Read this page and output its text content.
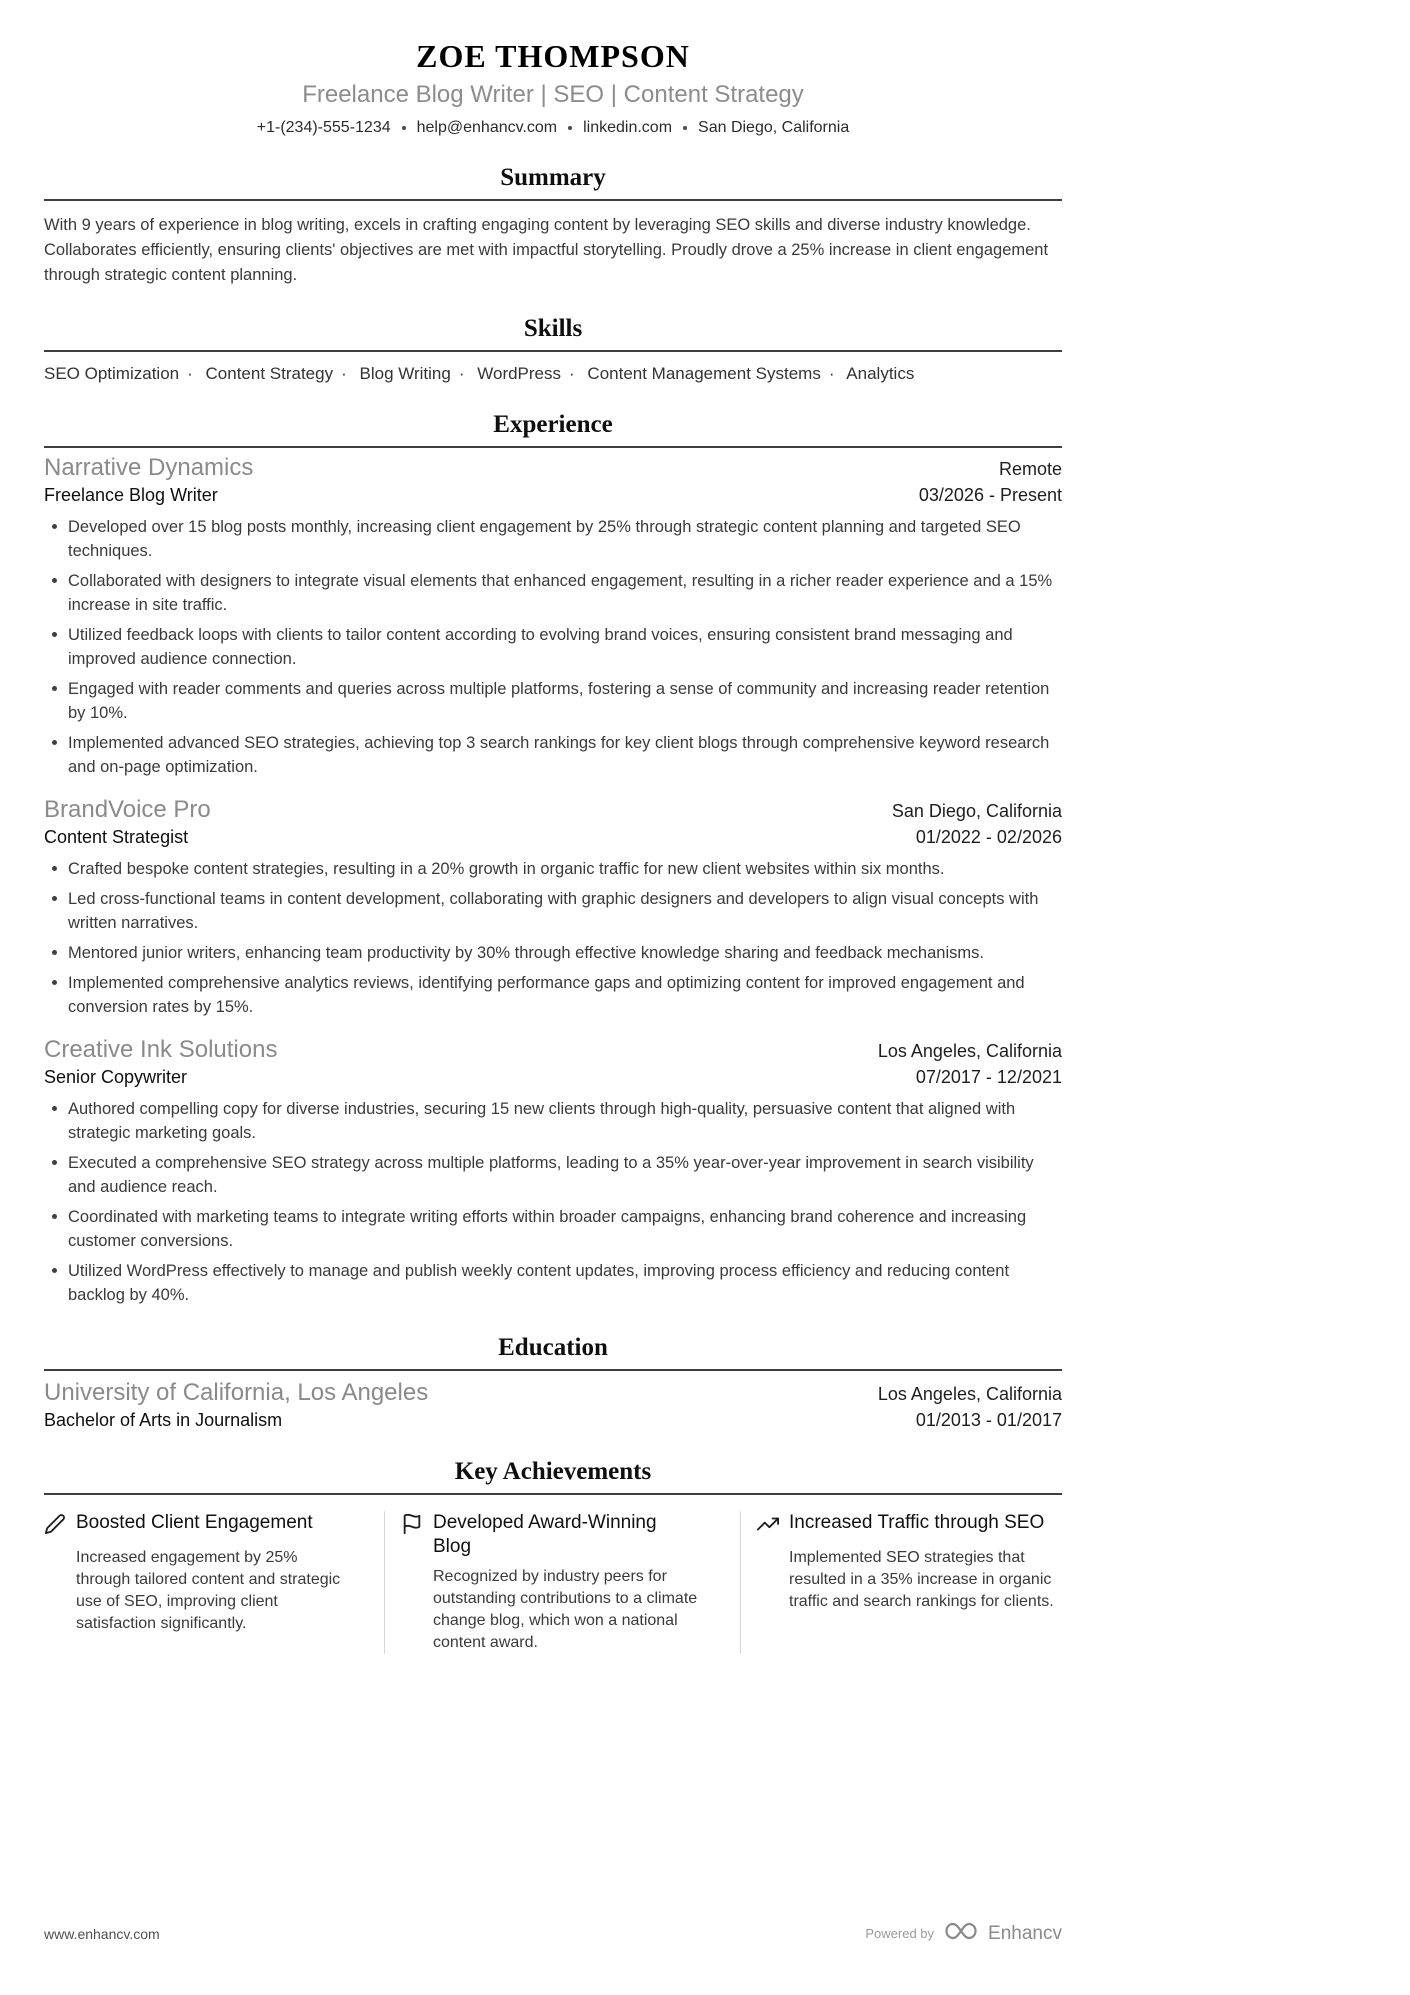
ZOE THOMPSON
Freelance Blog Writer | SEO | Content Strategy
+1-(234)-555-1234 help@enhancv.com linkedin.com San Diego, California
Summary

With 9 years of experience in blog writing, excels in crafting engaging content by leveraging SEO skills and diverse industry knowledge. Collaborates efficiently, ensuring clients' objectives are met with impactful storytelling. Proudly drove a 25% increase in client engagement through strategic content planning.

Skills
SEO Optimization · Content Strategy · Blog Writing · WordPress · Content Management Systems · Analytics
Experience
Narrative Dynamics	Remote
Freelance Blog Writer	03/2026 - Present
Developed over 15 blog posts monthly, increasing client engagement by 25% through strategic content planning and targeted SEO techniques.
Collaborated with designers to integrate visual elements that enhanced engagement, resulting in a richer reader experience and a 15% increase in site traffic.
Utilized feedback loops with clients to tailor content according to evolving brand voices, ensuring consistent brand messaging and improved audience connection.
Engaged with reader comments and queries across multiple platforms, fostering a sense of community and increasing reader retention by 10%.
Implemented advanced SEO strategies, achieving top 3 search rankings for key client blogs through comprehensive keyword research and on-page optimization.
BrandVoice Pro	San Diego, California
Content Strategist	01/2022 - 02/2026
Crafted bespoke content strategies, resulting in a 20% growth in organic traffic for new client websites within six months.
Led cross-functional teams in content development, collaborating with graphic designers and developers to align visual concepts with written narratives.
Mentored junior writers, enhancing team productivity by 30% through effective knowledge sharing and feedback mechanisms.
Implemented comprehensive analytics reviews, identifying performance gaps and optimizing content for improved engagement and conversion rates by 15%.
Creative Ink Solutions	Los Angeles, California
Senior Copywriter	07/2017 - 12/2021
Authored compelling copy for diverse industries, securing 15 new clients through high-quality, persuasive content that aligned with strategic marketing goals.
Executed a comprehensive SEO strategy across multiple platforms, leading to a 35% year-over-year improvement in search visibility and audience reach.
Coordinated with marketing teams to integrate writing efforts within broader campaigns, enhancing brand coherence and increasing customer conversions.
Utilized WordPress effectively to manage and publish weekly content updates, improving process efficiency and reducing content backlog by 40%.
Education
University of California, Los Angeles	Los Angeles, California
Bachelor of Arts in Journalism	01/2013 - 01/2017
Key Achievements
Boosted Client Engagement

Increased engagement by 25% through tailored content and strategic use of SEO, improving client satisfaction significantly.

Developed Award-Winning Blog

Recognized by industry peers for outstanding contributions to a climate change blog, which won a national content award.

Increased Traffic through SEO

Implemented SEO strategies that resulted in a 35% increase in organic traffic and search rankings for clients.

www.enhancv.com	Powered by	Enhancv
